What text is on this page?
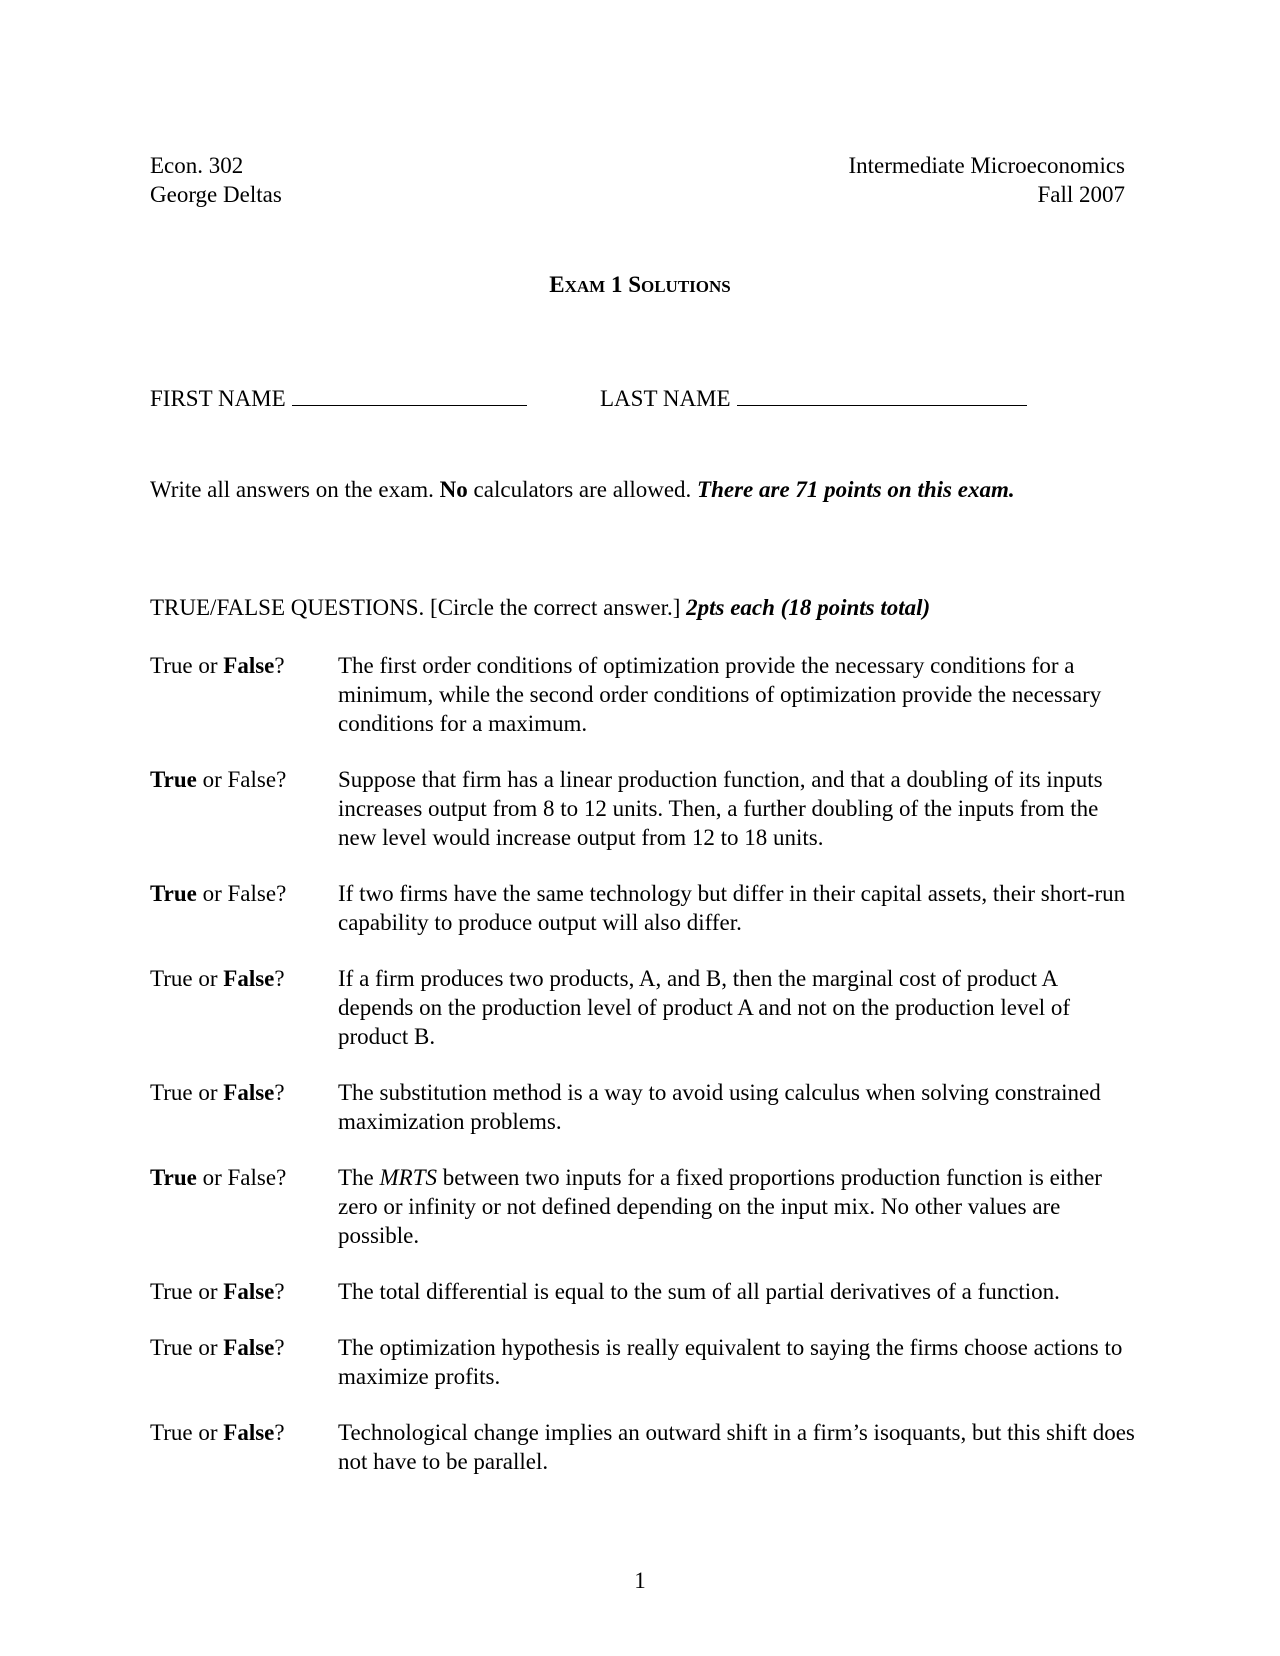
Econ. 302
George Deltas
Intermediate Microeconomics
Fall 2007
EXAM 1 SOLUTIONS
FIRST NAME	LAST NAME
Write all answers on the exam. No calculators are allowed. There are 71 points on this exam.
TRUE/FALSE QUESTIONS. [Circle the correct answer.] 2pts each (18 points total)
True or False?	The first order conditions of optimization provide the necessary conditions for a minimum, while the second order conditions of optimization provide the necessary conditions for a maximum.
True or False?	Suppose that firm has a linear production function, and that a doubling of its inputs increases output from 8 to 12 units. Then, a further doubling of the inputs from the new level would increase output from 12 to 18 units.
True or False?	If two firms have the same technology but differ in their capital assets, their short-run capability to produce output will also differ.
True or False?	If a firm produces two products, A, and B, then the marginal cost of product A depends on the production level of product A and not on the production level of product B.
True or False?	The substitution method is a way to avoid using calculus when solving constrained maximization problems.
True or False?	The MRTS between two inputs for a fixed proportions production function is either zero or infinity or not defined depending on the input mix. No other values are possible.
True or False?	The total differential is equal to the sum of all partial derivatives of a function.
True or False?	The optimization hypothesis is really equivalent to saying the firms choose actions to maximize profits.
True or False?	Technological change implies an outward shift in a firm’s isoquants, but this shift does not have to be parallel.
1
